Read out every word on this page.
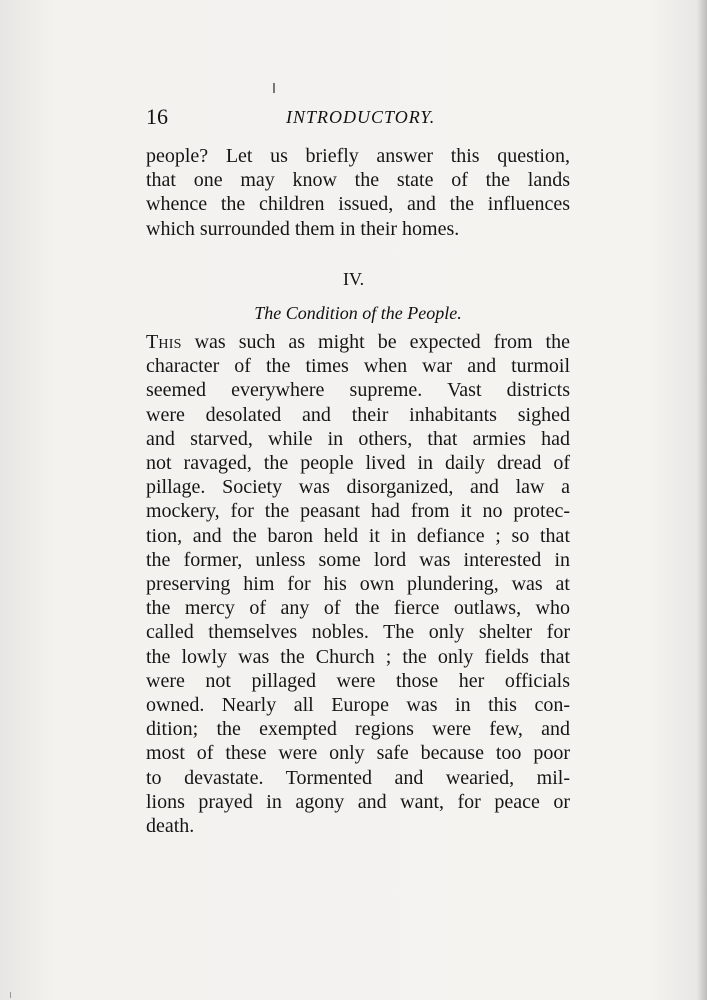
16	INTRODUCTORY.
people? Let us briefly answer this question,
that one may know the state of the lands
whence the children issued, and the influences
which surrounded them in their homes.
IV.
The Condition of the People.
This was such as might be expected from the
character of the times when war and turmoil
seemed everywhere supreme. Vast districts
were desolated and their inhabitants sighed
and starved, while in others, that armies had
not ravaged, the people lived in daily dread of
pillage. Society was disorganized, and law a
mockery, for the peasant had from it no protec-
tion, and the baron held it in defiance ; so that
the former, unless some lord was interested in
preserving him for his own plundering, was at
the mercy of any of the fierce outlaws, who
called themselves nobles. The only shelter for
the lowly was the Church ; the only fields that
were not pillaged were those her officials
owned. Nearly all Europe was in this con-
dition; the exempted regions were few, and
most of these were only safe because too poor
to devastate. Tormented and wearied, mil-
lions prayed in agony and want, for peace or
death.
